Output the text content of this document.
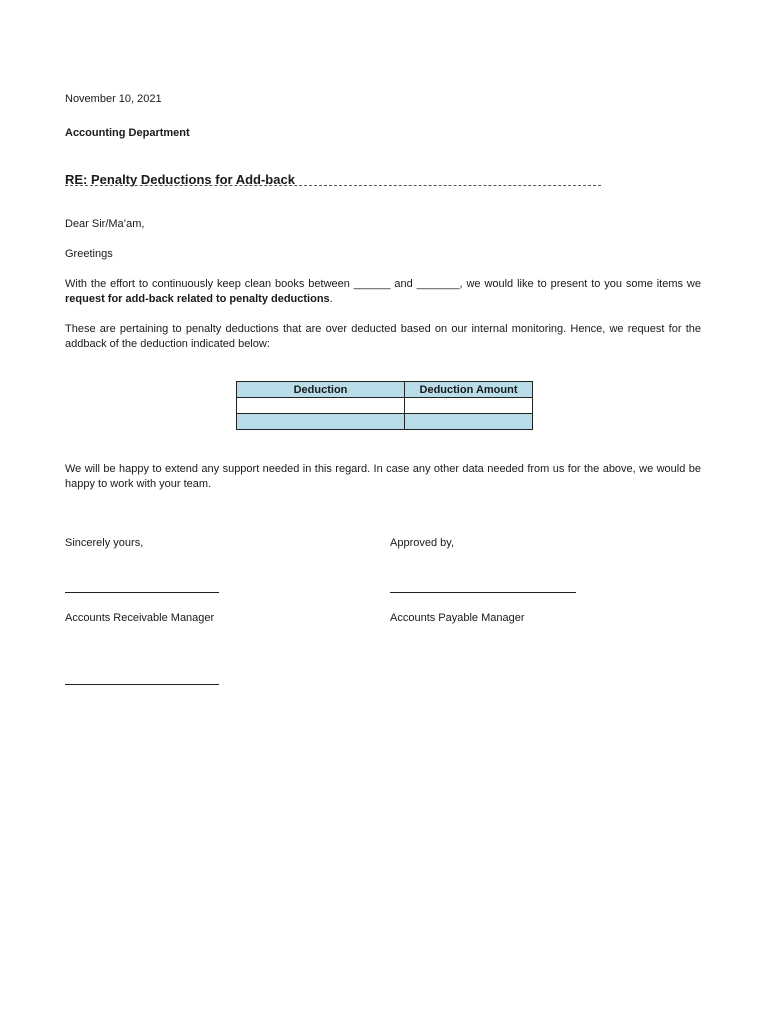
November 10, 2021
Accounting Department
RE: Penalty Deductions for Add-back
Dear Sir/Ma’am,
Greetings
With the effort to continuously keep clean books between ______ and _______, we would like to present to you some items we request for add-back related to penalty deductions.
These are pertaining to penalty deductions that are over deducted based on our internal monitoring. Hence, we request for the addback of the deduction indicated below:
Deduction	Deduction Amount

We will be happy to extend any support needed in this regard. In case any other data needed from us for the above, we would be happy to work with your team.
Sincerely yours,	Approved by,
Accounts Receivable Manager	Accounts Payable Manager
